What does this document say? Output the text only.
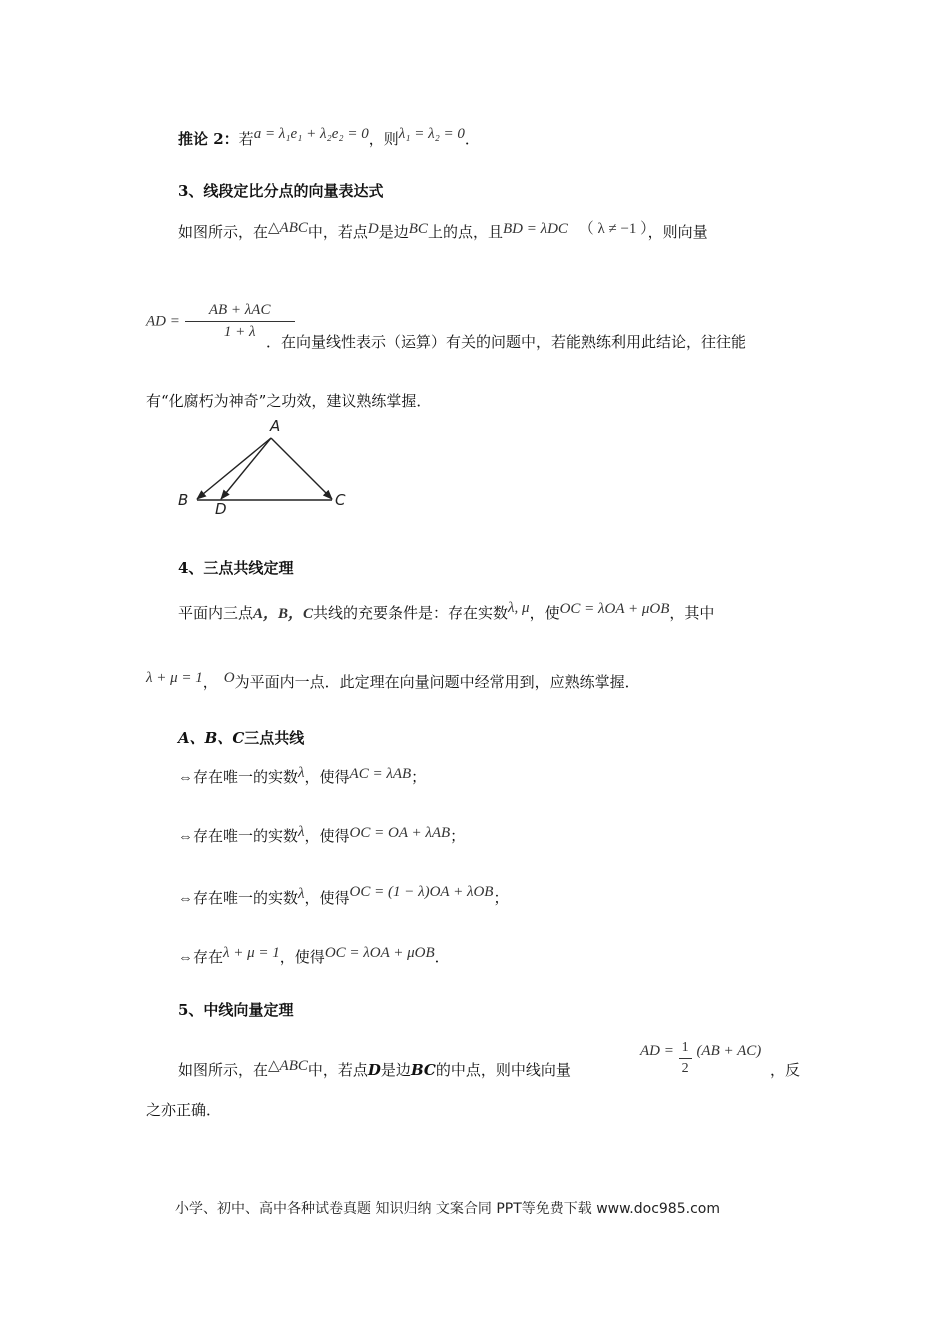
推论 2：若a = λ₁e₁ + λ₂e₂ = 0，则λ₁ = λ₂ = 0．
3、线段定比分点的向量表达式
如图所示，在△ABC中，若点D是边BC上的点，且BD = λDC （ λ ≠ −1 ），则向量
AD = $\frac{\text{AB + λAC}}{1 + \lambda}$
．在向量线性表示（运算）有关的问题中，若能熟练利用此结论，往往能
有“化腐朽为神奇”之功效，建议熟练掌握．
A
B	C
D
4、三点共线定理
平面内三点A，B，C共线的充要条件是：存在实数λ, μ，使OC = λOA + μOB，其中
λ + μ = 1， O为平面内一点．此定理在向量问题中经常用到，应熟练掌握．
A、B、C三点共线
⇔存在唯一的实数λ，使得AC = λAB；
⇔存在唯一的实数λ，使得OC = OA + λAB；
⇔存在唯一的实数λ，使得OC = (1 − λ)OA + λOB；
⇔存在λ + μ = 1，使得OC = λOA + μOB．
5、中线向量定理
如图所示，在△ABC中，若点D是边BC的中点，则中线向量
AD = $\frac{1}{2} (AB + AC)$
，反
之亦正确．
小学、初中、高中各种试卷真题 知识归纳 文案合同 PPT等免费下载 www.doc985.com
